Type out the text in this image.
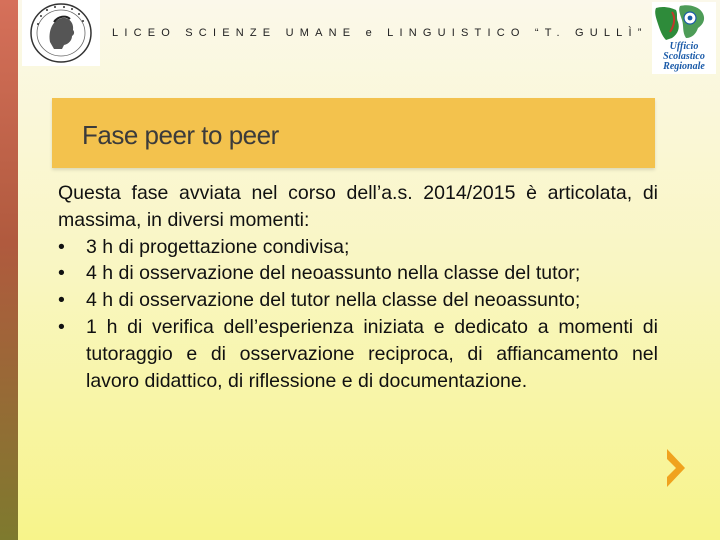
LICEO SCIENZE UMANE e LINGUISTICO “T. GULLÌ”
Ufficio
Scolastico
Regionale
Fase peer to peer

Questa fase avviata nel corso dell’a.s. 2014/2015 è articolata, di massima, in diversi momenti:

• 3 h di progettazione condivisa;
• 4 h di osservazione del neoassunto nella classe del tutor;
• 4 h di osservazione del tutor nella classe del neoassunto;
• 1 h di verifica dell’esperienza iniziata e dedicato a momenti di tutoraggio e di osservazione reciproca, di affiancamento nel lavoro didattico, di riflessione e di documentazione.
